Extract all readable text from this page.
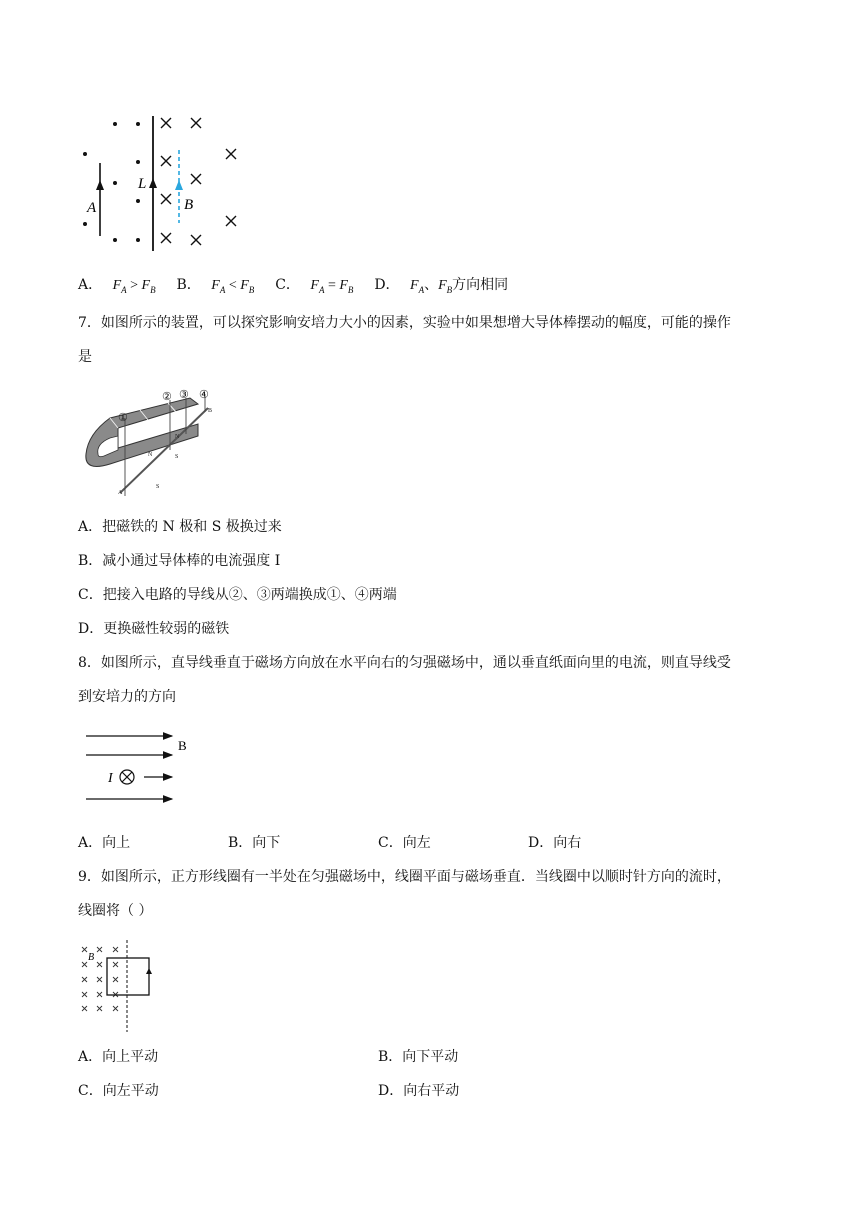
L
A	B
A． $F_A > F_B$ B． $F_A < F_B$ C． $F_A = F_B$ D． $F_A$、$F_B$方向相同
7．如图所示的装置，可以探究影响安培力大小的因素，实验中如果想增大导体棒摆动的幅度，可能的操作
是
①
② ③ ④
N
N
S
S
A
B
A．把磁铁的 N 极和 S 极换过来
B．减小通过导体棒的电流强度 I
C．把接入电路的导线从②、③两端换成①、④两端
D．更换磁性较弱的磁铁
8．如图所示，直导线垂直于磁场方向放在水平向右的匀强磁场中，通以垂直纸面向里的电流，则直导线受
到安培力的方向
B
I
A．向上	B．向下	C．向左	D．向右
9．如图所示，正方形线圈有一半处在匀强磁场中，线圈平面与磁场垂直．当线圈中以顺时针方向的流时，
线圈将（ ）
B
A．向上平动	B．向下平动
C．向左平动	D．向右平动
